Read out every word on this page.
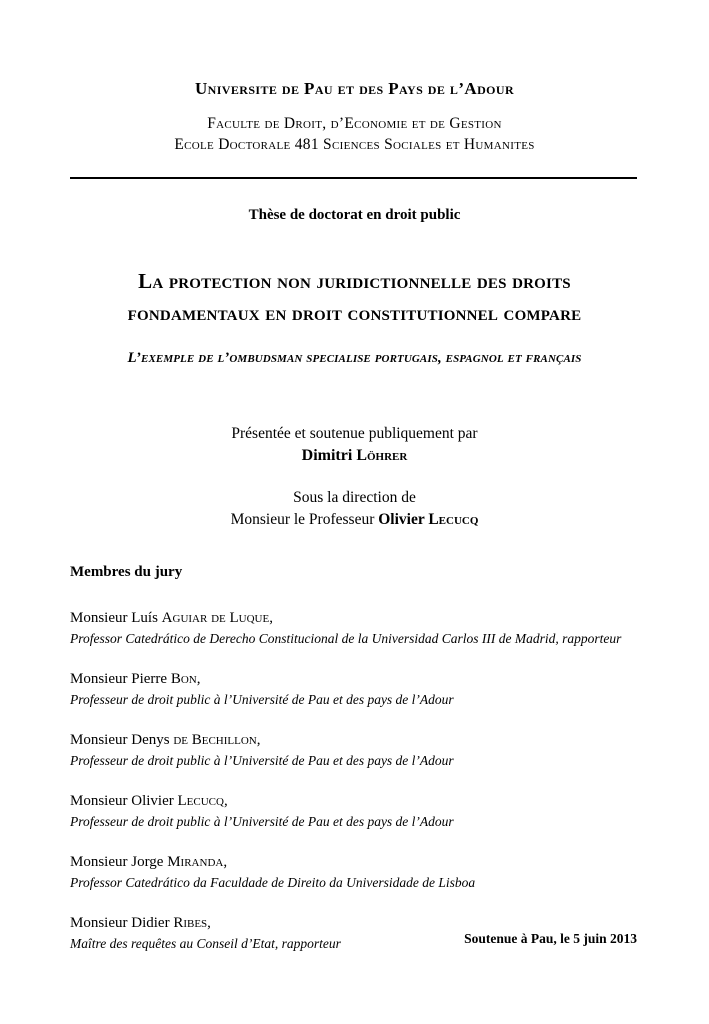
Universite de Pau et des Pays de l’Adour
Faculte de Droit, d’Economie et de Gestion
Ecole Doctorale 481 Sciences Sociales et Humanites
Thèse de doctorat en droit public
La protection non juridictionnelle des droits
fondamentaux en droit constitutionnel compare
L’exemple de l’ombudsman specialise portugais, espagnol et français
Présentée et soutenue publiquement par
Dimitri Löhrer
Sous la direction de
Monsieur le Professeur Olivier Lecucq
Membres du jury
Monsieur Luís Aguiar de Luque,
Professor Catedrático de Derecho Constitucional de la Universidad Carlos III de Madrid, rapporteur
Monsieur Pierre Bon,
Professeur de droit public à l’Université de Pau et des pays de l’Adour
Monsieur Denys de Bechillon,
Professeur de droit public à l’Université de Pau et des pays de l’Adour
Monsieur Olivier Lecucq,
Professeur de droit public à l’Université de Pau et des pays de l’Adour
Monsieur Jorge Miranda,
Professor Catedrático da Faculdade de Direito da Universidade de Lisboa
Monsieur Didier Ribes,
Maître des requêtes au Conseil d’Etat, rapporteur	Soutenue à Pau, le 5 juin 2013
